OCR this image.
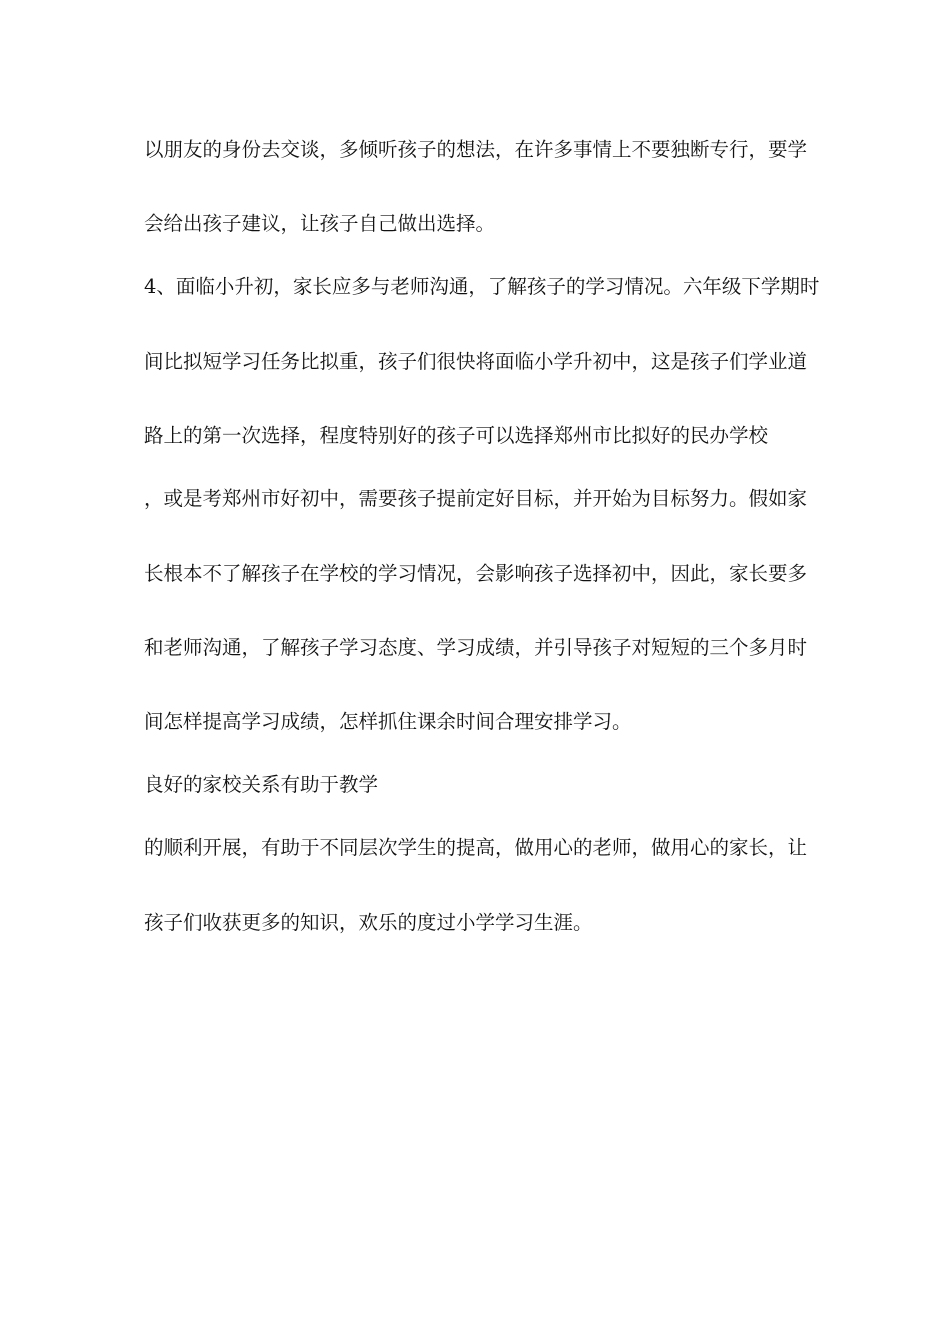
以朋友的身份去交谈，多倾听孩子的想法，在许多事情上不要独断专行，要学
会给出孩子建议，让孩子自己做出选择。
4、面临小升初，家长应多与老师沟通，了解孩子的学习情况。六年级下学期时
间比拟短学习任务比拟重，孩子们很快将面临小学升初中，这是孩子们学业道
路上的第一次选择，程度特别好的孩子可以选择郑州市比拟好的民办学校
，或是考郑州市好初中，需要孩子提前定好目标，并开始为目标努力。假如家
长根本不了解孩子在学校的学习情况，会影响孩子选择初中，因此，家长要多
和老师沟通，了解孩子学习态度、学习成绩，并引导孩子对短短的三个多月时
间怎样提高学习成绩，怎样抓住课余时间合理安排学习。
良好的家校关系有助于教学
的顺利开展，有助于不同层次学生的提高，做用心的老师，做用心的家长，让
孩子们收获更多的知识，欢乐的度过小学学习生涯。
